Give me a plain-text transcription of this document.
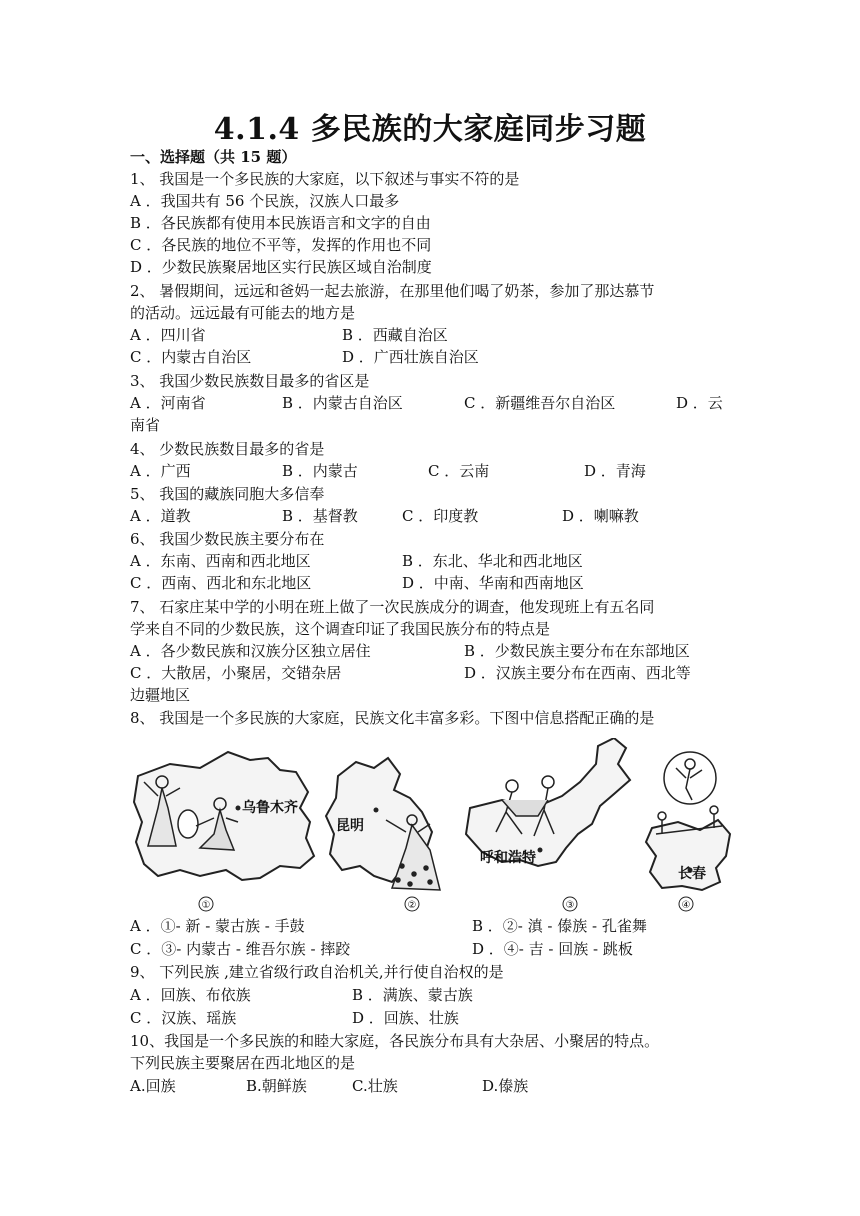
4.1.4 多民族的大家庭同步习题
一、选择题（共 15 题）
1、 我国是一个多民族的大家庭，以下叙述与事实不符的是
A ．我国共有 56 个民族，汉族人口最多
B ．各民族都有使用本民族语言和文字的自由
C ．各民族的地位不平等，发挥的作用也不同
D ．少数民族聚居地区实行民族区域自治制度
2、 暑假期间，远远和爸妈一起去旅游，在那里他们喝了奶茶，参加了那达慕节
的活动。远远最有可能去的地方是
A ．四川省	B ．西藏自治区
C ．内蒙古自治区	D ．广西壮族自治区
3、 我国少数民族数目最多的省区是
A ．河南省	B ．内蒙古自治区	C ．新疆维吾尔自治区	D ．云
南省
4、 少数民族数目最多的省是
A ．广西	B ．内蒙古	C ．云南	D ．青海
5、 我国的藏族同胞大多信奉
A ．道教	B ．基督教	C ．印度教	D ．喇嘛教
6、 我国少数民族主要分布在
A ．东南、西南和西北地区	B ．东北、华北和西北地区
C ．西南、西北和东北地区	D ．中南、华南和西南地区
7、 石家庄某中学的小明在班上做了一次民族成分的调查，他发现班上有五名同
学来自不同的少数民族，这个调查印证了我国民族分布的特点是
A ．各少数民族和汉族分区独立居住	B ．少数民族主要分布在东部地区
C ．大散居，小聚居，交错杂居	D ．汉族主要分布在西南、西北等
边疆地区
8、 我国是一个多民族的大家庭，民族文化丰富多彩。下图中信息搭配正确的是
乌鲁木齐
①
昆明
②
呼和浩特
③
长春
④
A ．①- 新 - 蒙古族 - 手鼓	B ．②- 滇 - 傣族 - 孔雀舞
C ．③- 内蒙古 - 维吾尔族 - 摔跤	D ．④- 吉 - 回族 - 跳板
9、 下列民族 ,建立省级行政自治机关,并行使自治权的是
A ．回族、布依族	B ．满族、蒙古族
C ．汉族、瑶族	D ．回族、壮族
10、我国是一个多民族的和睦大家庭，各民族分布具有大杂居、小聚居的特点。
下列民族主要聚居在西北地区的是
A.回族	B.朝鲜族	C.壮族	D.傣族
